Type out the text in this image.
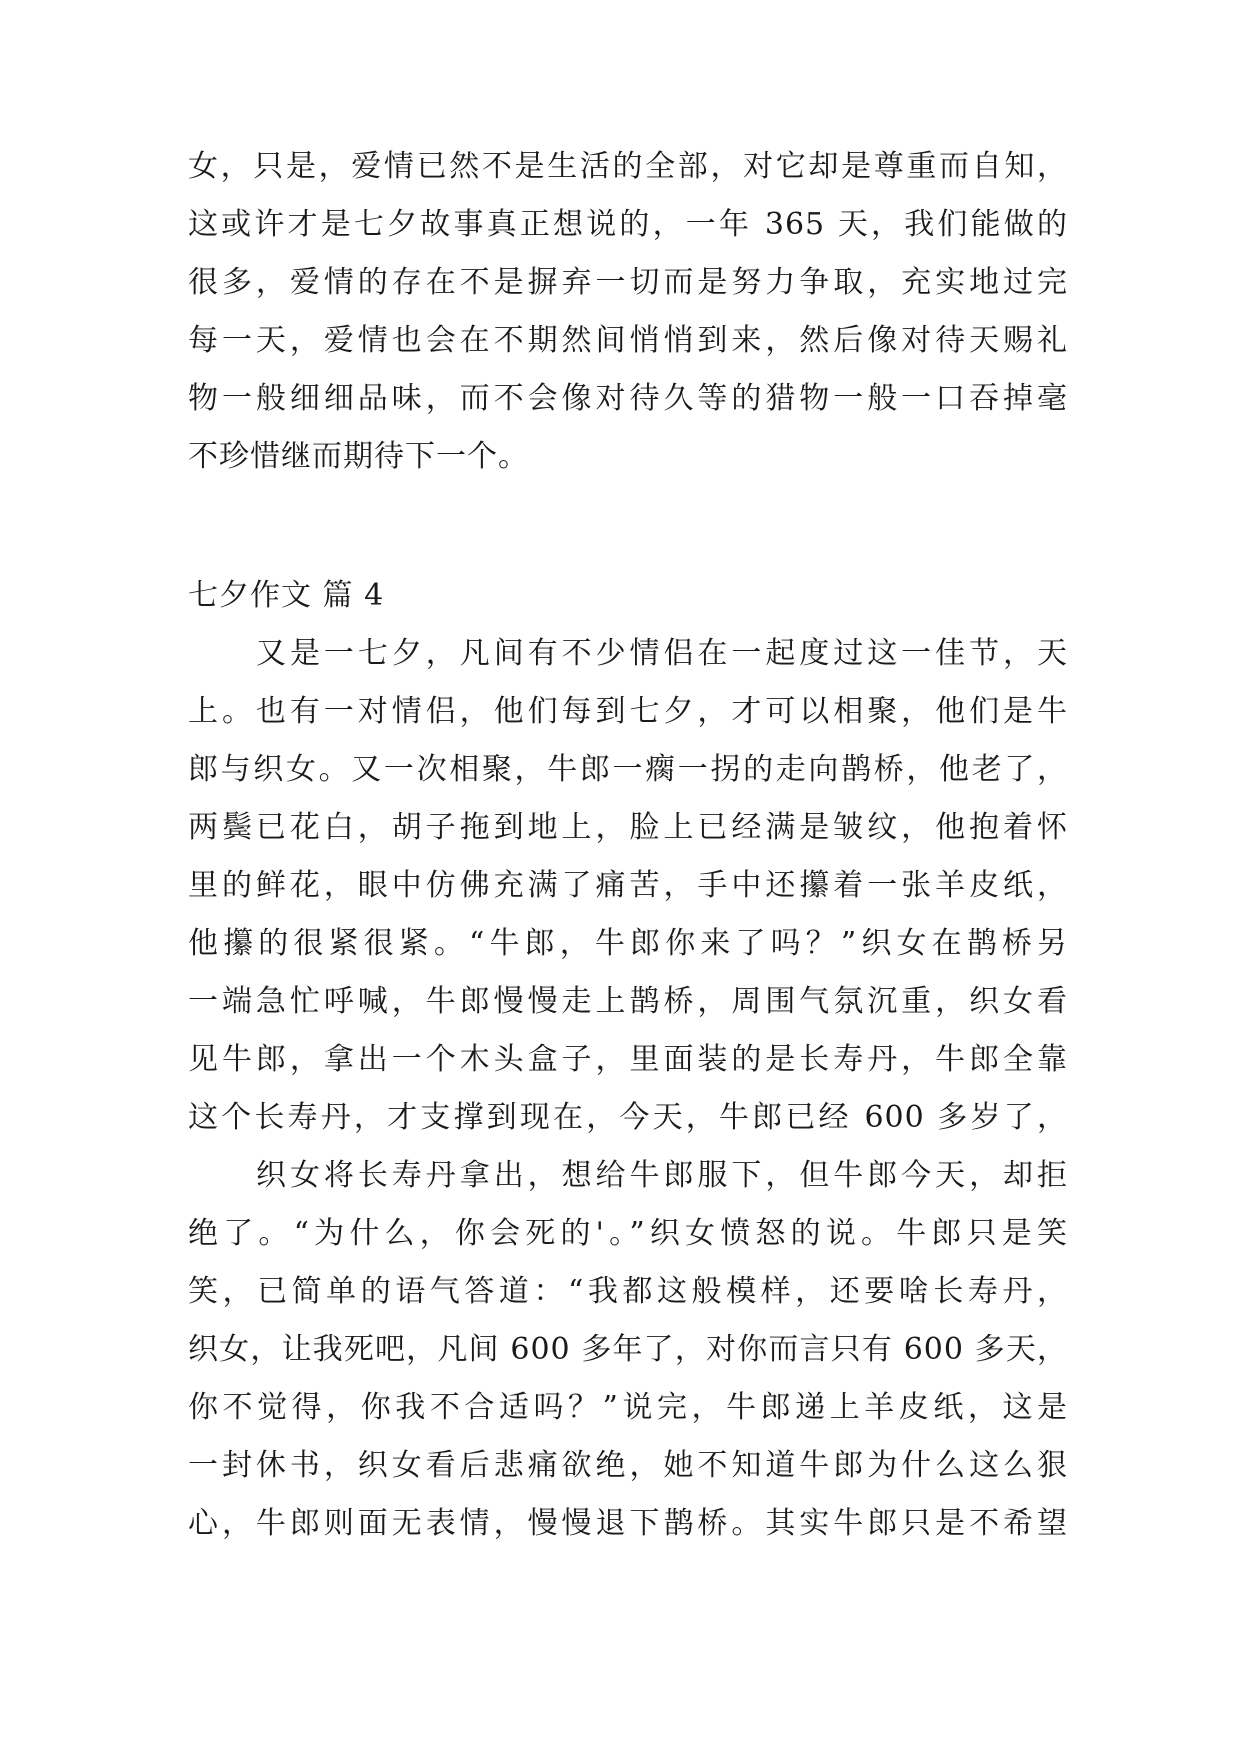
女，只是，爱情已然不是生活的全部，对它却是尊重而自知，
这或许才是七夕故事真正想说的，一年 365 天，我们能做的
很多，爱情的存在不是摒弃一切而是努力争取，充实地过完
每一天，爱情也会在不期然间悄悄到来，然后像对待天赐礼
物一般细细品味，而不会像对待久等的猎物一般一口吞掉毫
不珍惜继而期待下一个。
七夕作文 篇 4
又是一七夕，凡间有不少情侣在一起度过这一佳节，天
上。也有一对情侣，他们每到七夕，才可以相聚，他们是牛
郎与织女。又一次相聚，牛郎一瘸一拐的走向鹊桥，他老了，
两鬓已花白，胡子拖到地上，脸上已经满是皱纹，他抱着怀
里的鲜花，眼中仿佛充满了痛苦，手中还攥着一张羊皮纸，
他攥的很紧很紧。“牛郎，牛郎你来了吗？”织女在鹊桥另
一端急忙呼喊，牛郎慢慢走上鹊桥，周围气氛沉重，织女看
见牛郎，拿出一个木头盒子，里面装的是长寿丹，牛郎全靠
这个长寿丹，才支撑到现在，今天，牛郎已经 600 多岁了，
织女将长寿丹拿出，想给牛郎服下，但牛郎今天，却拒
绝了。“为什么，你会死的'。”织女愤怒的说。牛郎只是笑
笑，已简单的语气答道：“我都这般模样，还要啥长寿丹，
织女，让我死吧，凡间 600 多年了，对你而言只有 600 多天，
你不觉得，你我不合适吗？”说完，牛郎递上羊皮纸，这是
一封休书，织女看后悲痛欲绝，她不知道牛郎为什么这么狠
心，牛郎则面无表情，慢慢退下鹊桥。其实牛郎只是不希望
